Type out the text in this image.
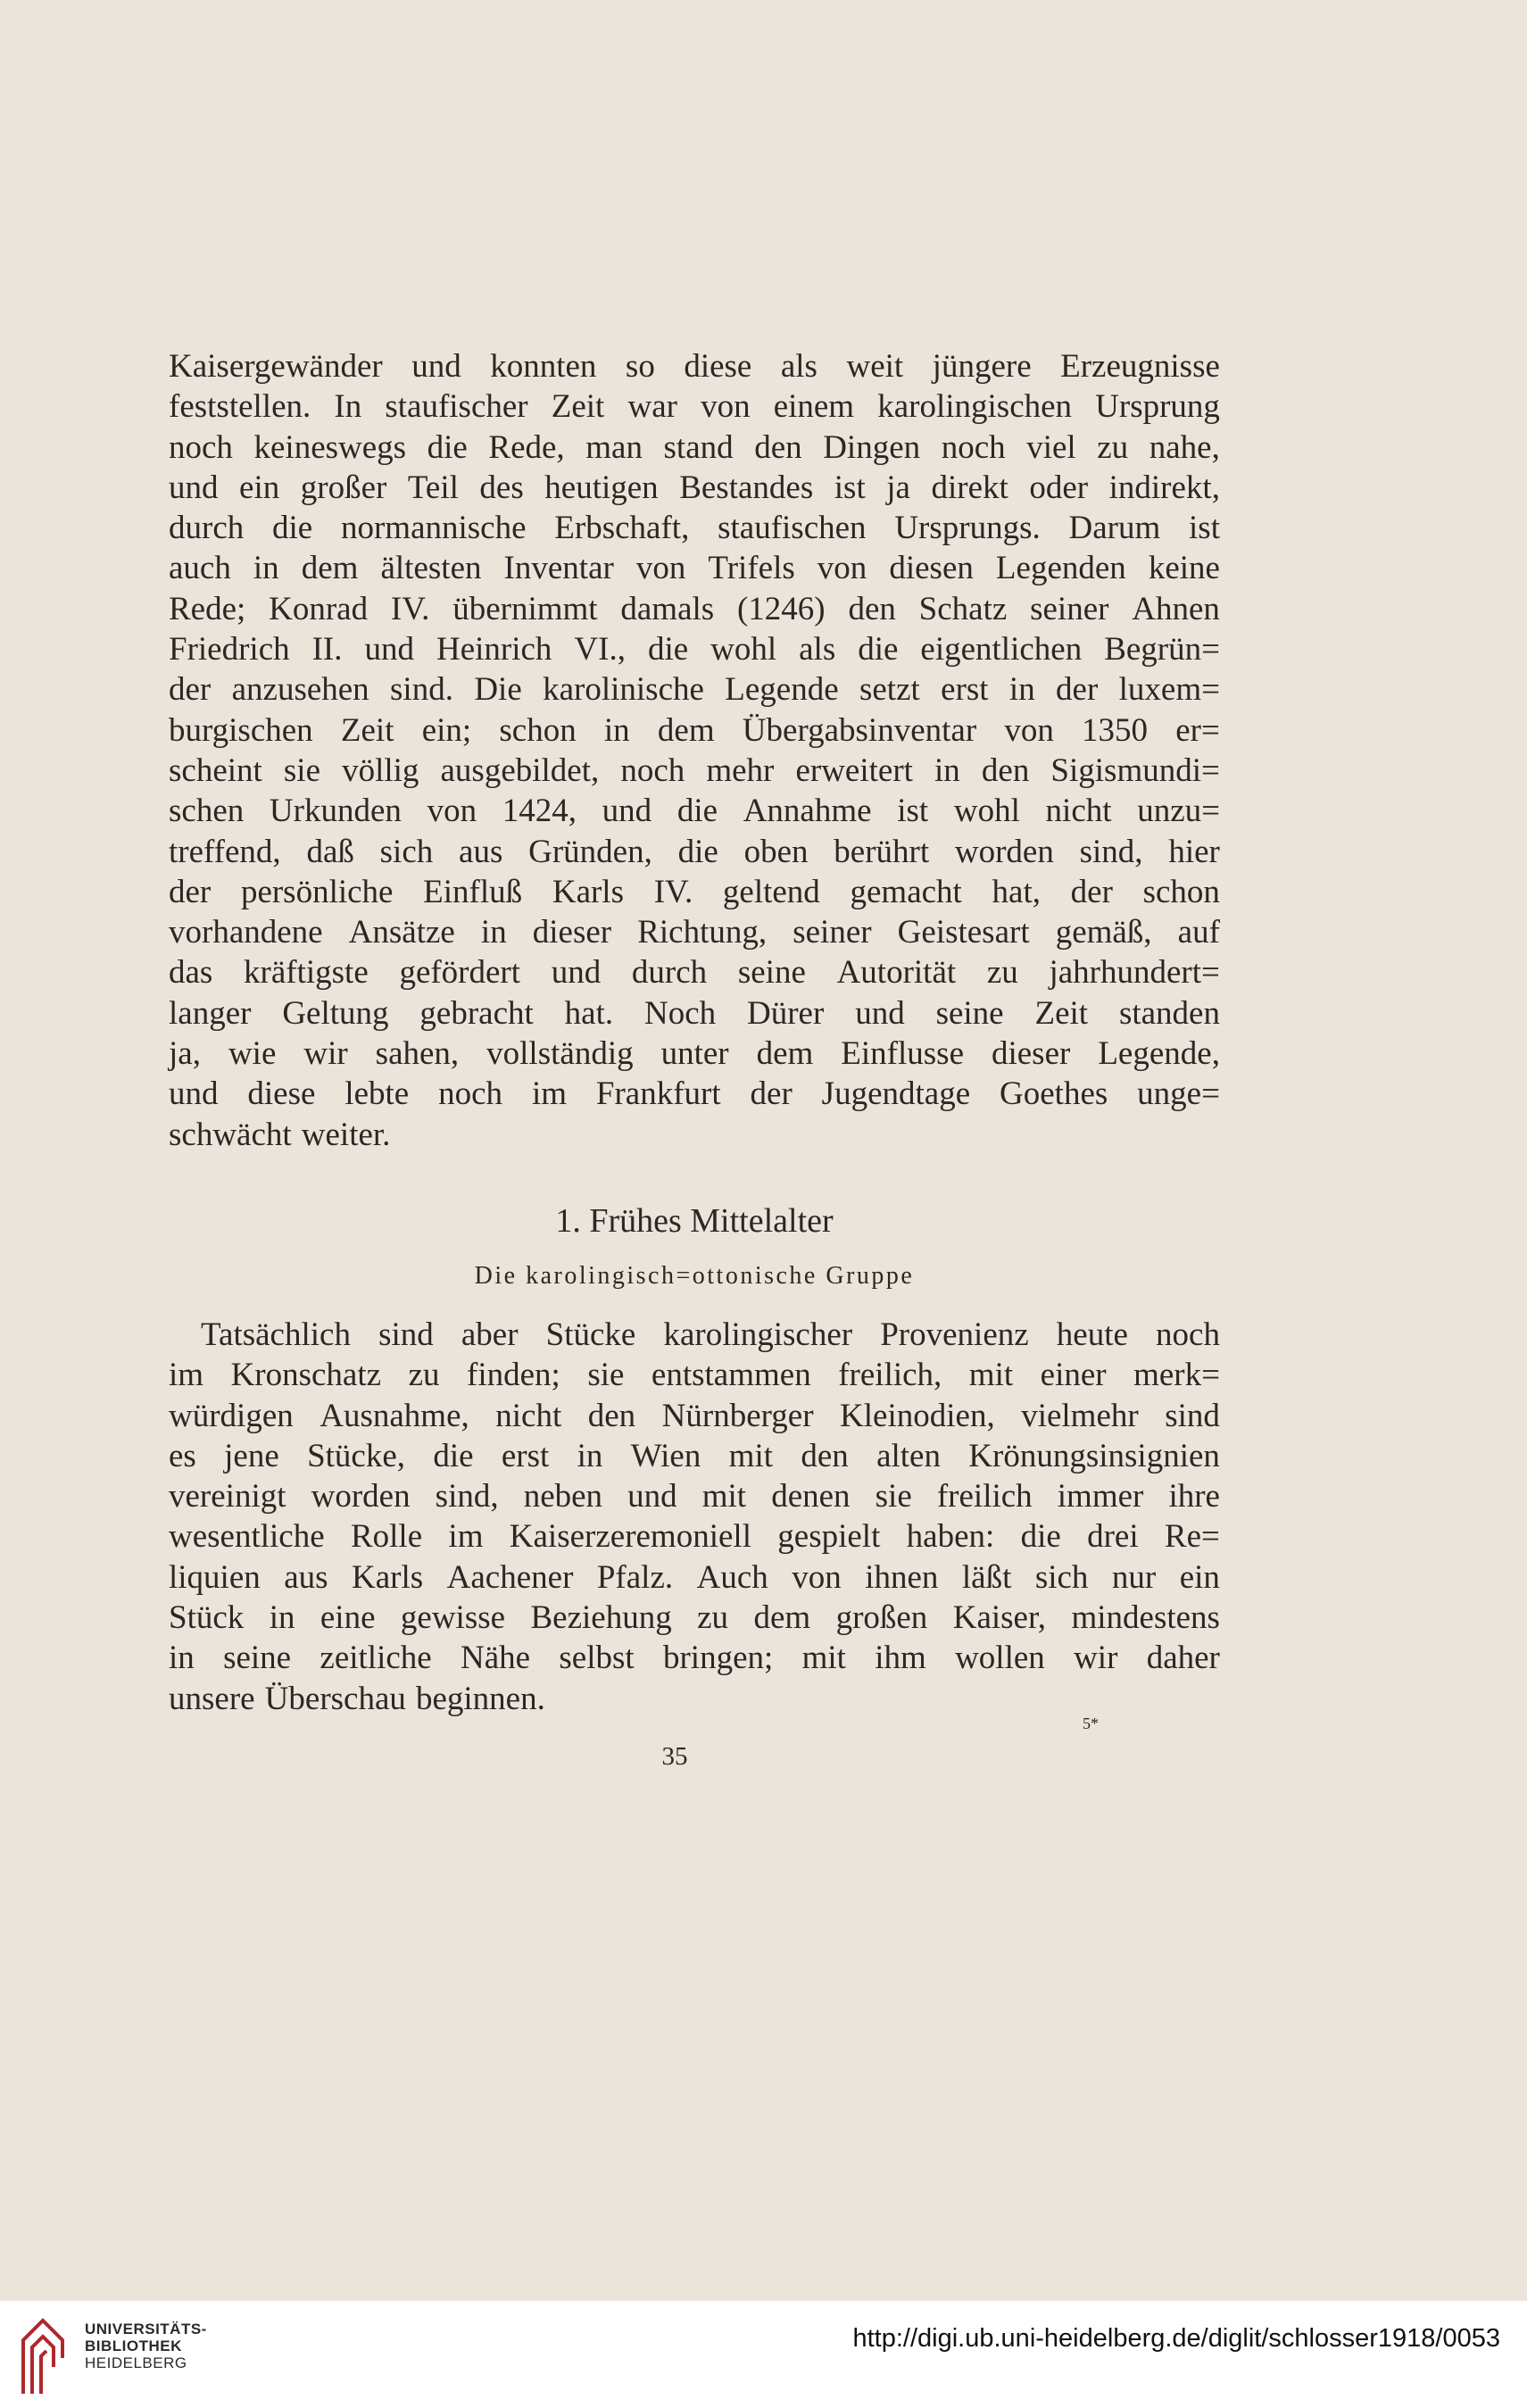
Kaisergewänder und konnten so diese als weit jüngere Erzeugnisse
feststellen. In staufischer Zeit war von einem karolingischen Ursprung
noch keineswegs die Rede, man stand den Dingen noch viel zu nahe,
und ein großer Teil des heutigen Bestandes ist ja direkt oder indirekt,
durch die normannische Erbschaft, staufischen Ursprungs. Darum ist
auch in dem ältesten Inventar von Trifels von diesen Legenden keine
Rede; Konrad IV. übernimmt damals (1246) den Schatz seiner Ahnen
Friedrich II. und Heinrich VI., die wohl als die eigentlichen Begrün=
der anzusehen sind. Die karolinische Legende setzt erst in der luxem=
burgischen Zeit ein; schon in dem Übergabsinventar von 1350 er=
scheint sie völlig ausgebildet, noch mehr erweitert in den Sigismundi=
schen Urkunden von 1424, und die Annahme ist wohl nicht unzu=
treffend, daß sich aus Gründen, die oben berührt worden sind, hier
der persönliche Einfluß Karls IV. geltend gemacht hat, der schon
vorhandene Ansätze in dieser Richtung, seiner Geistesart gemäß, auf
das kräftigste gefördert und durch seine Autorität zu jahrhundert=
langer Geltung gebracht hat. Noch Dürer und seine Zeit standen
ja, wie wir sahen, vollständig unter dem Einflusse dieser Legende,
und diese lebte noch im Frankfurt der Jugendtage Goethes unge=
schwächt weiter.
1. Frühes Mittelalter
Die karolingisch=ottonische Gruppe
Tatsächlich sind aber Stücke karolingischer Provenienz heute noch
im Kronschatz zu finden; sie entstammen freilich, mit einer merk=
würdigen Ausnahme, nicht den Nürnberger Kleinodien, vielmehr sind
es jene Stücke, die erst in Wien mit den alten Krönungsinsignien
vereinigt worden sind, neben und mit denen sie freilich immer ihre
wesentliche Rolle im Kaiserzeremoniell gespielt haben: die drei Re=
liquien aus Karls Aachener Pfalz. Auch von ihnen läßt sich nur ein
Stück in eine gewisse Beziehung zu dem großen Kaiser, mindestens
in seine zeitliche Nähe selbst bringen; mit ihm wollen wir daher
unsere Überschau beginnen.
5*
35
UNIVERSITÄTS-
BIBLIOTHEK
HEIDELBERG
http://digi.ub.uni-heidelberg.de/diglit/schlosser1918/0053
